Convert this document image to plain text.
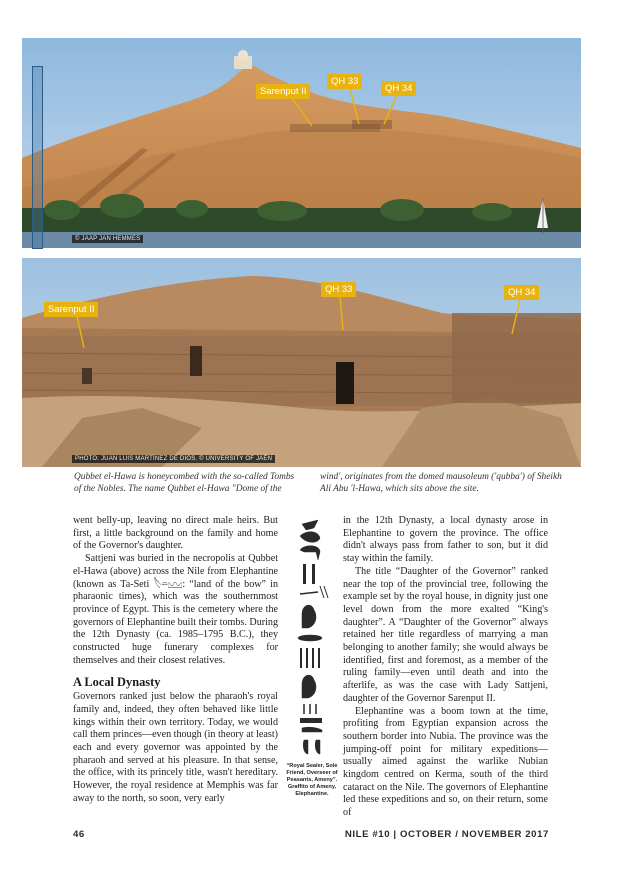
Sarenput II
QH 33
QH 34
© JAAP JAN HEMMES
Sarenput II
QH 33	QH 34
PHOTO: JUAN LUIS MARTÍNEZ DE DIOS. © UNIVERSITY OF JAÉN
Qubbet el-Hawa is honeycombed with the so-called Tombs of the Nobles. The name Qubbet el-Hawa "Dome of the
wind', originates from the domed mausoleum ('qubba') of Sheikh Ali Abu 'l-Hawa, which sits above the site.

went belly-up, leaving no direct male heirs. But first, a little background on the family and home of the Governor's daughter.

Sattjeni was buried in the necropolis at Qubbet el-Hawa (above) across the Nile from Elephantine (known as Ta-Seti 𓌸𓏏𓈉: “land of the bow” in pharaonic times), which was the southernmost province of Egypt. This is the cemetery where the governors of Elephantine built their tombs. During the 12th Dynasty (ca. 1985–1795 B.C.), they constructed huge funerary complexes for themselves and their closest relatives.

A Local Dynasty

Governors ranked just below the pharaoh's royal family and, indeed, they often behaved like little kings within their own territory. Today, we would call them princes—even though (in theory at least) each and every governor was appointed by the pharaoh and served at his pleasure. In that sense, the office, with its princely title, wasn't hereditary. However, the royal residence at Memphis was far away to the north, so soon, very early

“Royal Sealer, Sole Friend, Overseer of Peasants, Ameny”. Graffito of Ameny, Elephantine.

in the 12th Dynasty, a local dynasty arose in Elephantine to govern the province. The office didn't always pass from father to son, but it did stay within the family.

The title “Daughter of the Governor” ranked near the top of the provincial tree, following the example set by the royal house, in dignity just one level down from the more exalted “King's daughter”. A “Daughter of the Governor” always retained her title regardless of marrying a man belonging to another family; she would always be identified, first and foremost, as a member of the ruling family—even until death and into the afterlife, as was the case with Lady Sattjeni, daughter of the Governor Sarenput II.

Elephantine was a boom town at the time, profiting from Egyptian expansion across the southern border into Nubia. The province was the jumping-off point for military expeditions—usually aimed against the warlike Nubian kingdom centred on Kerma, south of the third cataract on the Nile. The governors of Elephantine led these expeditions and so, on their return, some of

46	NILE #10 | OCTOBER / NOVEMBER 2017
